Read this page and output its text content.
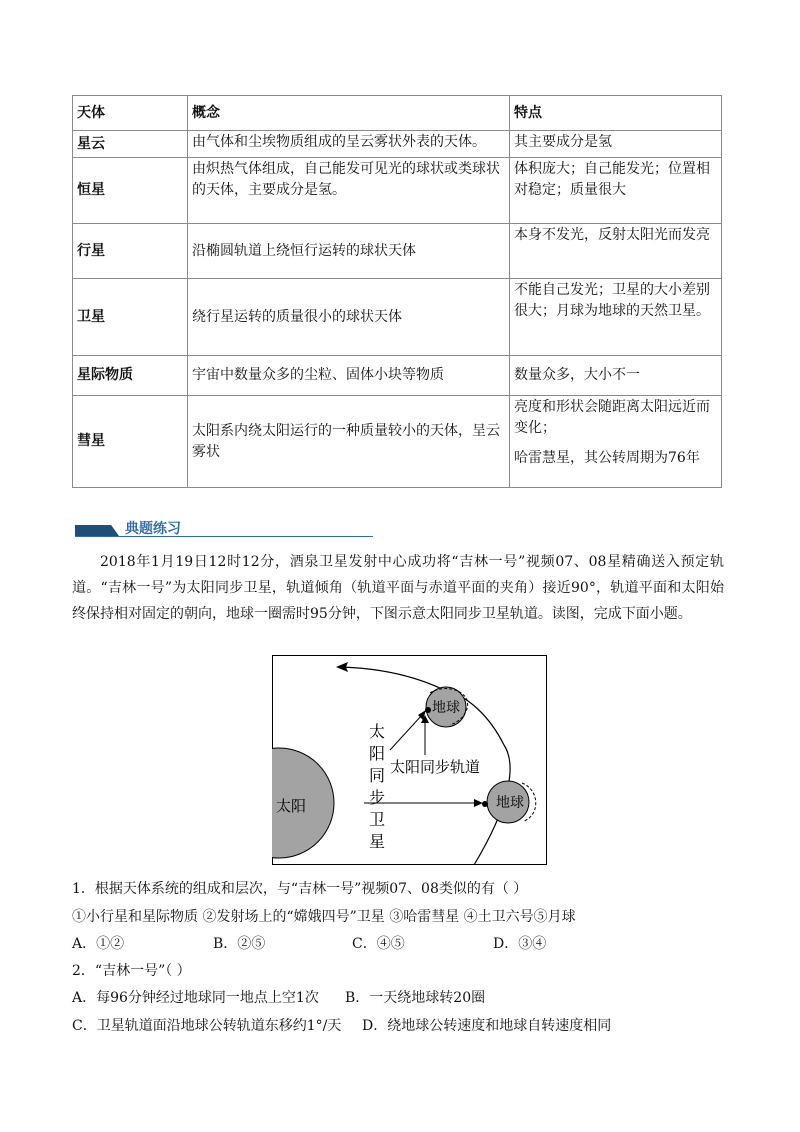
天体	概念	特点
星云	由气体和尘埃物质组成的呈云雾状外表的天体。	其主要成分是氢
恒星	由炽热气体组成，自己能发可见光的球状或类球状的天体，主要成分是氢。	体积庞大；自己能发光；位置相对稳定；质量很大
行星	沿椭圆轨道上绕恒行运转的球状天体	本身不发光，反射太阳光而发亮
卫星	绕行星运转的质量很小的球状天体	不能自己发光；卫星的大小差别很大；月球为地球的天然卫星。
星际物质	宇宙中数量众多的尘粒、固体小块等物质	数量众多，大小不一
彗星	太阳系内绕太阳运行的一种质量较小的天体，呈云雾状	亮度和形状会随距离太阳远近而变化；
哈雷慧星，其公转周期为76年
典题练习
2018年1月19日12时12分，酒泉卫星发射中心成功将“吉林一号”视频07、08星精确送入预定轨道。“吉林一号”为太阳同步卫星，轨道倾角（轨道平面与赤道平面的夹角）接近90°，轨道平面和太阳始终保持相对固定的朝向，地球一圈需时95分钟，下图示意太阳同步卫星轨道。读图，完成下面小题。
太阳
地球
地球
太阳同步轨道
太
阳
同
步
卫
星
1．根据天体系统的组成和层次，与“吉林一号”视频07、08类似的有（ ）
①小行星和星际物质 ②发射场上的“嫦娥四号”卫星 ③哈雷彗星 ④土卫六号⑤月球
A．①②	B．②⑤	C．④⑤	D．③④
2．“吉林一号”（ ）
A．每96分钟经过地球同一地点上空1次 B．一天绕地球转20圈
C．卫星轨道面沿地球公转轨道东移约1°/天 D．绕地球公转速度和地球自转速度相同
